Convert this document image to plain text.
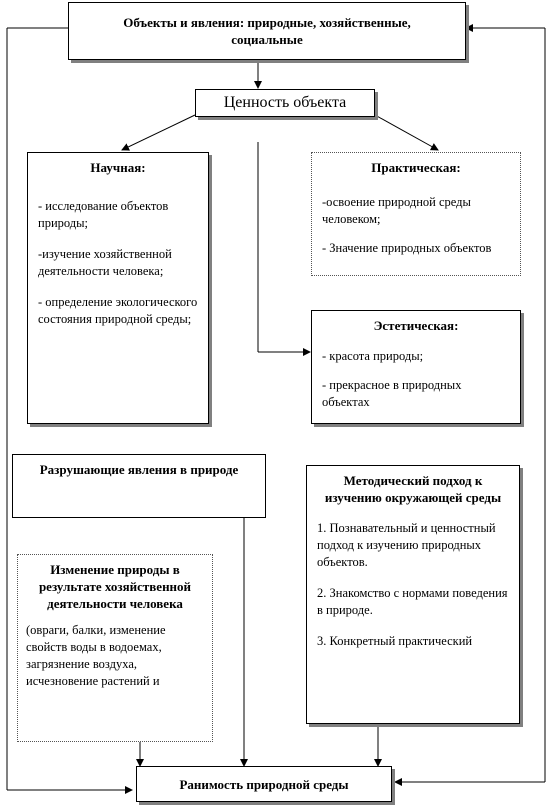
Объекты и явления: природные, хозяйственные, социальные
Ценность объекта
Научная:
- исследование объектов природы;
-изучение хозяйственной деятельности человека;
- определение экологического состояния природной среды;
Практическая:
-освоение природной среды человеком;
- Значение природных объектов
Эстетическая:
- красота природы;
- прекрасное в природных объектах
Разрушающие явления в природе
Изменение природы в результате хозяйственной деятельности человека
(овраги, балки, изменение свойств воды в водоемах, загрязнение воздуха, исчезновение растений и
Методический подход к изучению окружающей среды
1. Познавательный и ценностный подход к изучению природных объектов.
2. Знакомство с нормами поведения в природе.
3. Конкретный практический
Ранимость природной среды
